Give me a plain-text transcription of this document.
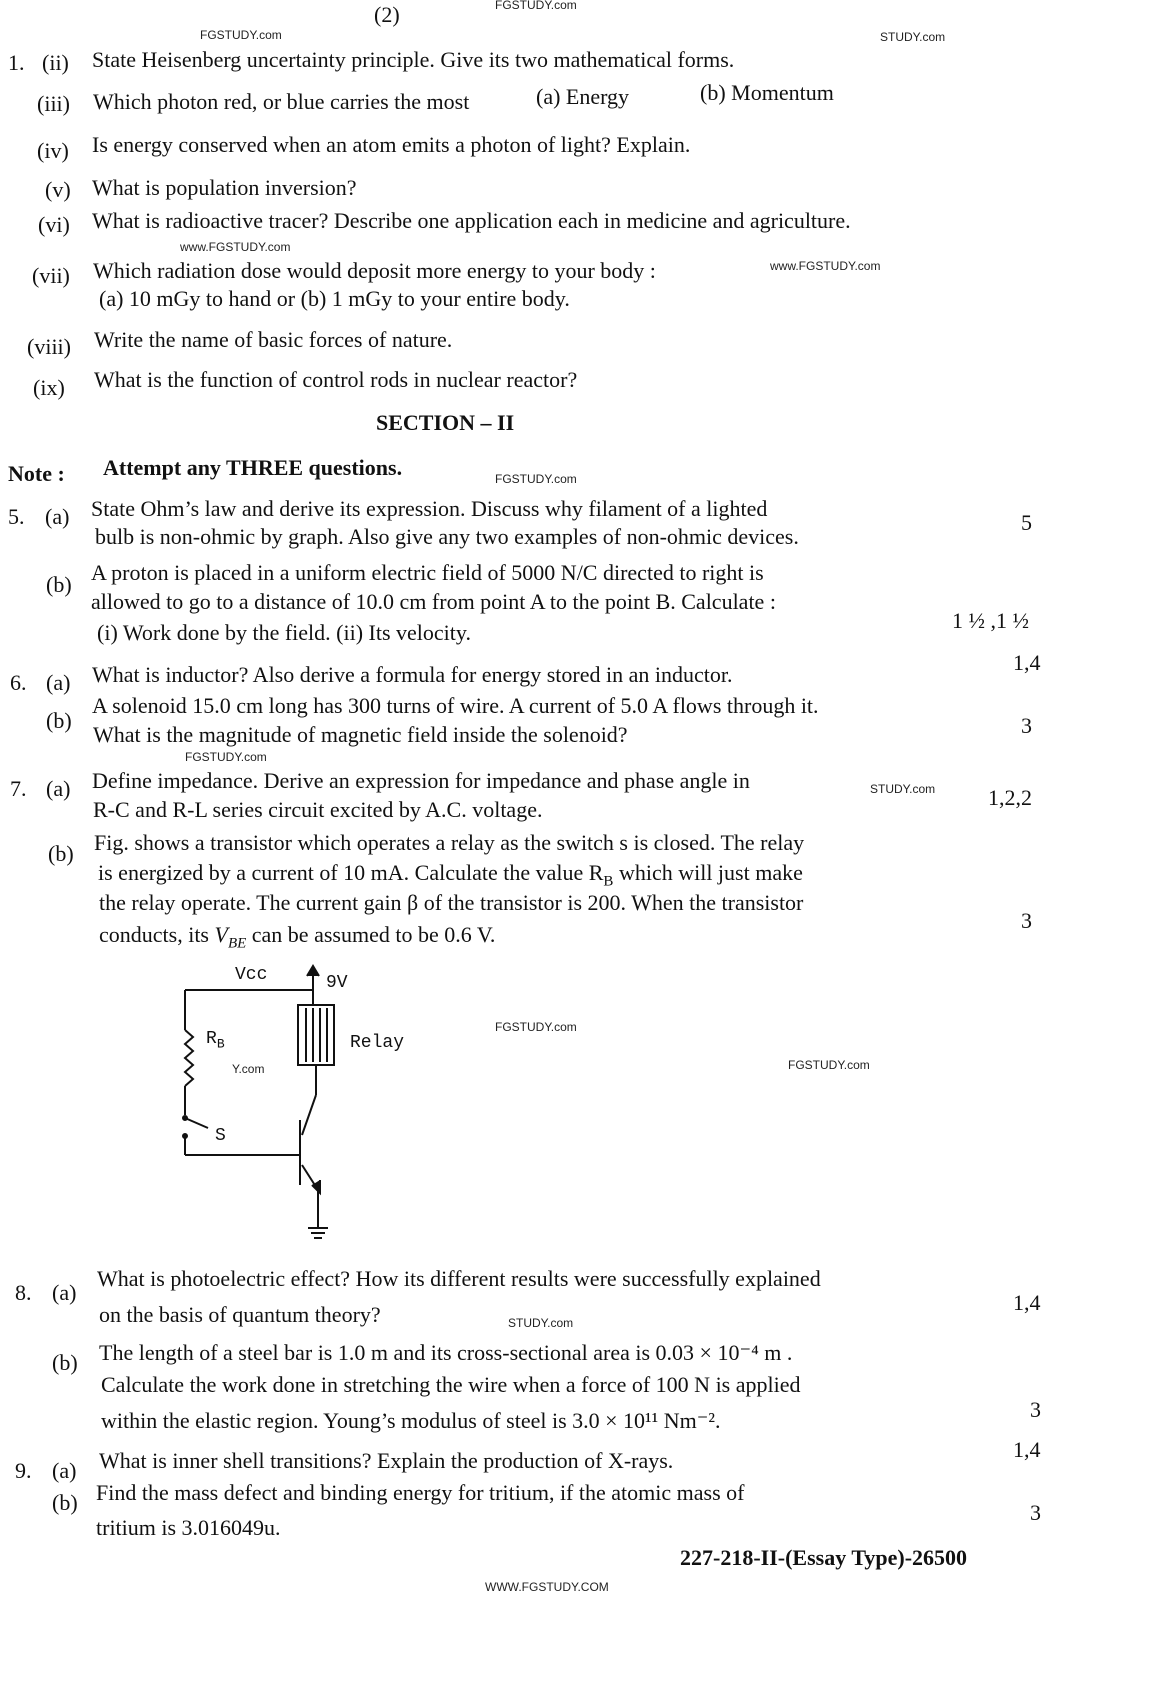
(2)	FGSTUDY.com
FGSTUDY.com	STUDY.com
1. (ii) State Heisenberg uncertainty principle. Give its two mathematical forms.
(iii) Which photon red, or blue carries the most	(a) Energy	(b) Momentum
(iv) Is energy conserved when an atom emits a photon of light? Explain.
(v) What is population inversion?
(vi) What is radioactive tracer? Describe one application each in medicine and agriculture.
www.FGSTUDY.com
www.FGSTUDY.com
(vii) Which radiation dose would deposit more energy to your body :
(a) 10 mGy to hand or (b) 1 mGy to your entire body.
(viii) Write the name of basic forces of nature.
(ix) What is the function of control rods in nuclear reactor?
SECTION – II
Note : Attempt any THREE questions.	FGSTUDY.com
5. (a) State Ohm’s law and derive its expression. Discuss why filament of a lighted
bulb is non-ohmic by graph. Also give any two examples of non-ohmic devices.
5
(b) A proton is placed in a uniform electric field of 5000 N/C directed to right is
allowed to go to a distance of 10.0 cm from point A to the point B. Calculate :
(i) Work done by the field. (ii) Its velocity.	1 ½ ,1 ½
6. (a) What is inductor? Also derive a formula for energy stored in an inductor.	1,4
(b)
A solenoid 15.0 cm long has 300 turns of wire. A current of 5.0 A flows through it.
What is the magnitude of magnetic field inside the solenoid?	3
FGSTUDY.com
STUDY.com
7. (a) Define impedance. Derive an expression for impedance and phase angle in
R-C and R-L series circuit excited by A.C. voltage.	1,2,2
(b) Fig. shows a transistor which operates a relay as the switch s is closed. The relay
is energized by a current of 10 mA. Calculate the value $R_B$ which will just make
the relay operate. The current gain β of the transistor is 200. When the transistor
conducts, its $V_{BE}$ can be assumed to be 0.6 V.
3
Vcc	9V
Relay
$R_B$
S
Y.com
FGSTUDY.com
FGSTUDY.com
8. (a)
What is photoelectric effect? How its different results were successfully explained
on the basis of quantum theory?	1,4
STUDY.com
(b) The length of a steel bar is 1.0 m and its cross-sectional area is 0.03 × 10⁻⁴ m .
Calculate the work done in stretching the wire when a force of 100 N is applied
within the elastic region. Young’s modulus of steel is 3.0 × 10¹¹ Nm⁻².	3
9. (a) What is inner shell transitions? Explain the production of X-rays.	1,4
(b) Find the mass defect and binding energy for tritium, if the atomic mass of
tritium is 3.016049u.
3
227-218-II-(Essay Type)-26500
WWW.FGSTUDY.COM
